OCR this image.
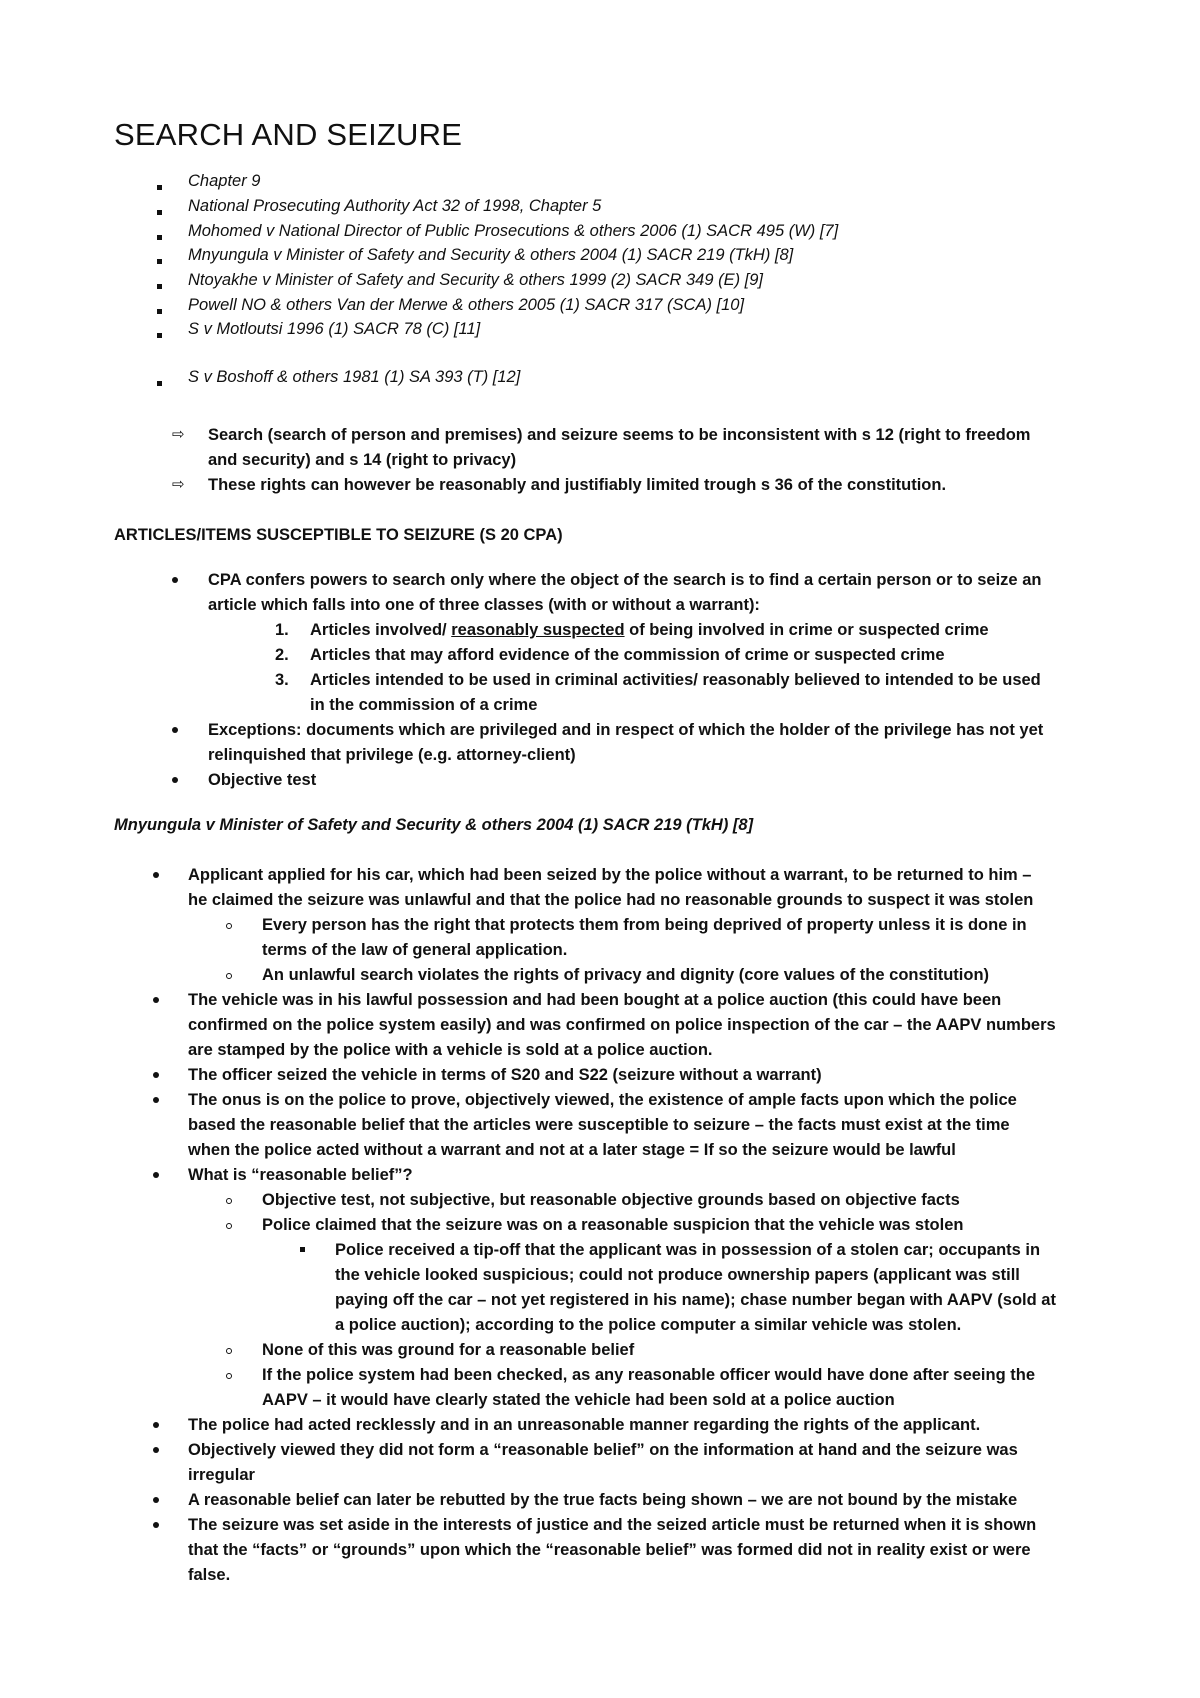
SEARCH AND SEIZURE
Chapter 9
National Prosecuting Authority Act 32 of 1998, Chapter 5
Mohomed v National Director of Public Prosecutions & others 2006 (1) SACR 495 (W) [7]
Mnyungula v Minister of Safety and Security & others 2004 (1) SACR 219 (TkH) [8]
Ntoyakhe v Minister of Safety and Security & others 1999 (2) SACR 349 (E) [9]
Powell NO & others Van der Merwe & others 2005 (1) SACR 317 (SCA) [10]
S v Motloutsi 1996 (1) SACR 78 (C) [11]
S v Boshoff & others 1981 (1) SA 393 (T) [12]
⇨ Search (search of person and premises) and seizure seems to be inconsistent with s 12 (right to freedom
and security) and s 14 (right to privacy)
⇨ These rights can however be reasonably and justifiably limited trough s 36 of the constitution.
ARTICLES/ITEMS SUSCEPTIBLE TO SEIZURE (S 20 CPA)
CPA confers powers to search only where the object of the search is to find a certain person or to seize an
article which falls into one of three classes (with or without a warrant):
1. Articles involved/ reasonably suspected of being involved in crime or suspected crime
2. Articles that may afford evidence of the commission of crime or suspected crime
3. Articles intended to be used in criminal activities/ reasonably believed to intended to be used
in the commission of a crime
Exceptions: documents which are privileged and in respect of which the holder of the privilege has not yet
relinquished that privilege (e.g. attorney-client)
Objective test
Mnyungula v Minister of Safety and Security & others 2004 (1) SACR 219 (TkH) [8]
Applicant applied for his car, which had been seized by the police without a warrant, to be returned to him –
he claimed the seizure was unlawful and that the police had no reasonable grounds to suspect it was stolen
Every person has the right that protects them from being deprived of property unless it is done in
terms of the law of general application.
An unlawful search violates the rights of privacy and dignity (core values of the constitution)
The vehicle was in his lawful possession and had been bought at a police auction (this could have been
confirmed on the police system easily) and was confirmed on police inspection of the car – the AAPV numbers
are stamped by the police with a vehicle is sold at a police auction.
The officer seized the vehicle in terms of S20 and S22 (seizure without a warrant)
The onus is on the police to prove, objectively viewed, the existence of ample facts upon which the police
based the reasonable belief that the articles were susceptible to seizure – the facts must exist at the time
when the police acted without a warrant and not at a later stage = If so the seizure would be lawful
What is “reasonable belief”?
Objective test, not subjective, but reasonable objective grounds based on objective facts
Police claimed that the seizure was on a reasonable suspicion that the vehicle was stolen
Police received a tip-off that the applicant was in possession of a stolen car; occupants in
the vehicle looked suspicious; could not produce ownership papers (applicant was still
paying off the car – not yet registered in his name); chase number began with AAPV (sold at
a police auction); according to the police computer a similar vehicle was stolen.
None of this was ground for a reasonable belief
If the police system had been checked, as any reasonable officer would have done after seeing the
AAPV – it would have clearly stated the vehicle had been sold at a police auction
The police had acted recklessly and in an unreasonable manner regarding the rights of the applicant.
Objectively viewed they did not form a “reasonable belief” on the information at hand and the seizure was
irregular
A reasonable belief can later be rebutted by the true facts being shown – we are not bound by the mistake
The seizure was set aside in the interests of justice and the seized article must be returned when it is shown
that the “facts” or “grounds” upon which the “reasonable belief” was formed did not in reality exist or were
false.
